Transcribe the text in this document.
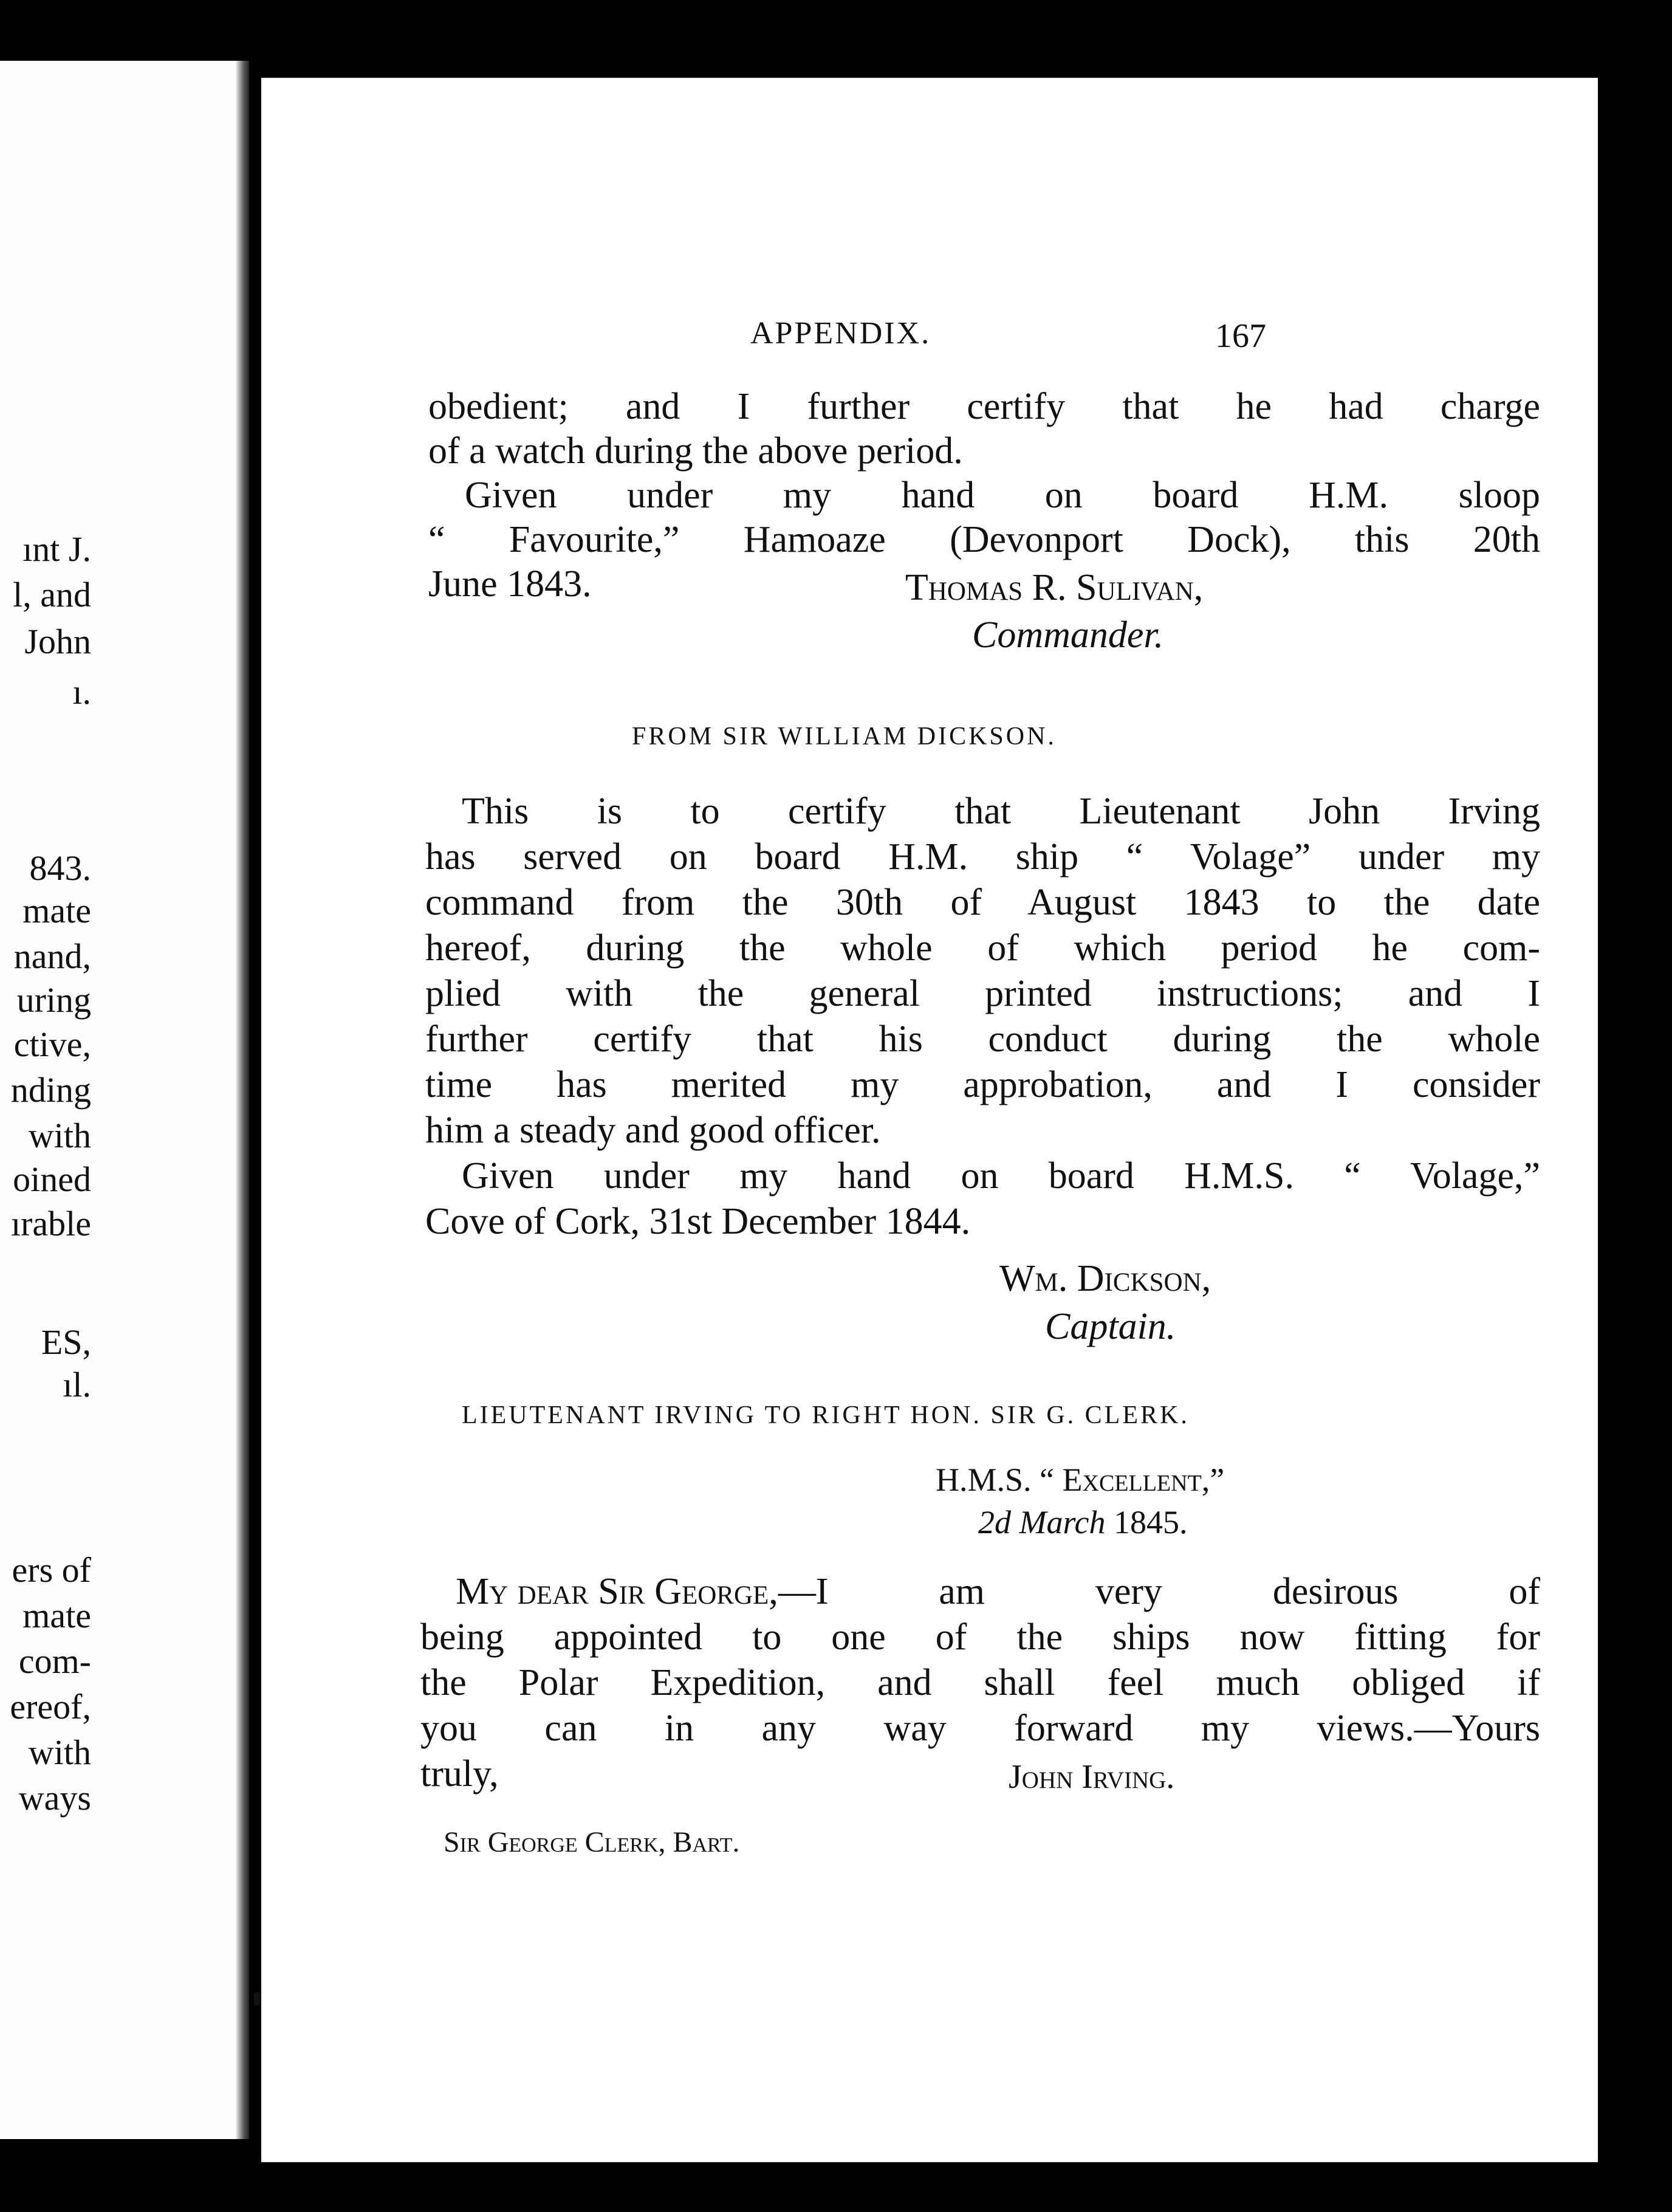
APPENDIX.	167
obedient; and I further certify that he had charge
of a watch during the above period.
Given under my hand on board H.M. sloop
“ Favourite,” Hamoaze (Devonport Dock), this 20th
June 1843.	Thomas R. Sulivan,
Commander.
FROM SIR WILLIAM DICKSON.
This is to certify that Lieutenant John Irving
has served on board H.M. ship “ Volage” under my
command from the 30th of August 1843 to the date
hereof, during the whole of which period he com-
plied with the general printed instructions; and I
further certify that his conduct during the whole
time has merited my approbation, and I consider
him a steady and good officer.
Given under my hand on board H.M.S. “ Volage,”
Cove of Cork, 31st December 1844.
Wm. Dickson,
Captain.
LIEUTENANT IRVING TO RIGHT HON. SIR G. CLERK.
H.M.S. “ Excellent,”
2d March 1845.
My dear Sir George, —I am very desirous of
being appointed to one of the ships now fitting for
the Polar Expedition, and shall feel much obliged if
you can in any way forward my views.—Yours
truly,	John Irving.
Sir George Clerk, Bart.
ınt J.
l, and
John
ı.
843.
mate
nand,
uring
ctive,
nding
with
oined
ırable
ES,
ıl.
ers of
mate
com-
ereof,
with
ways
